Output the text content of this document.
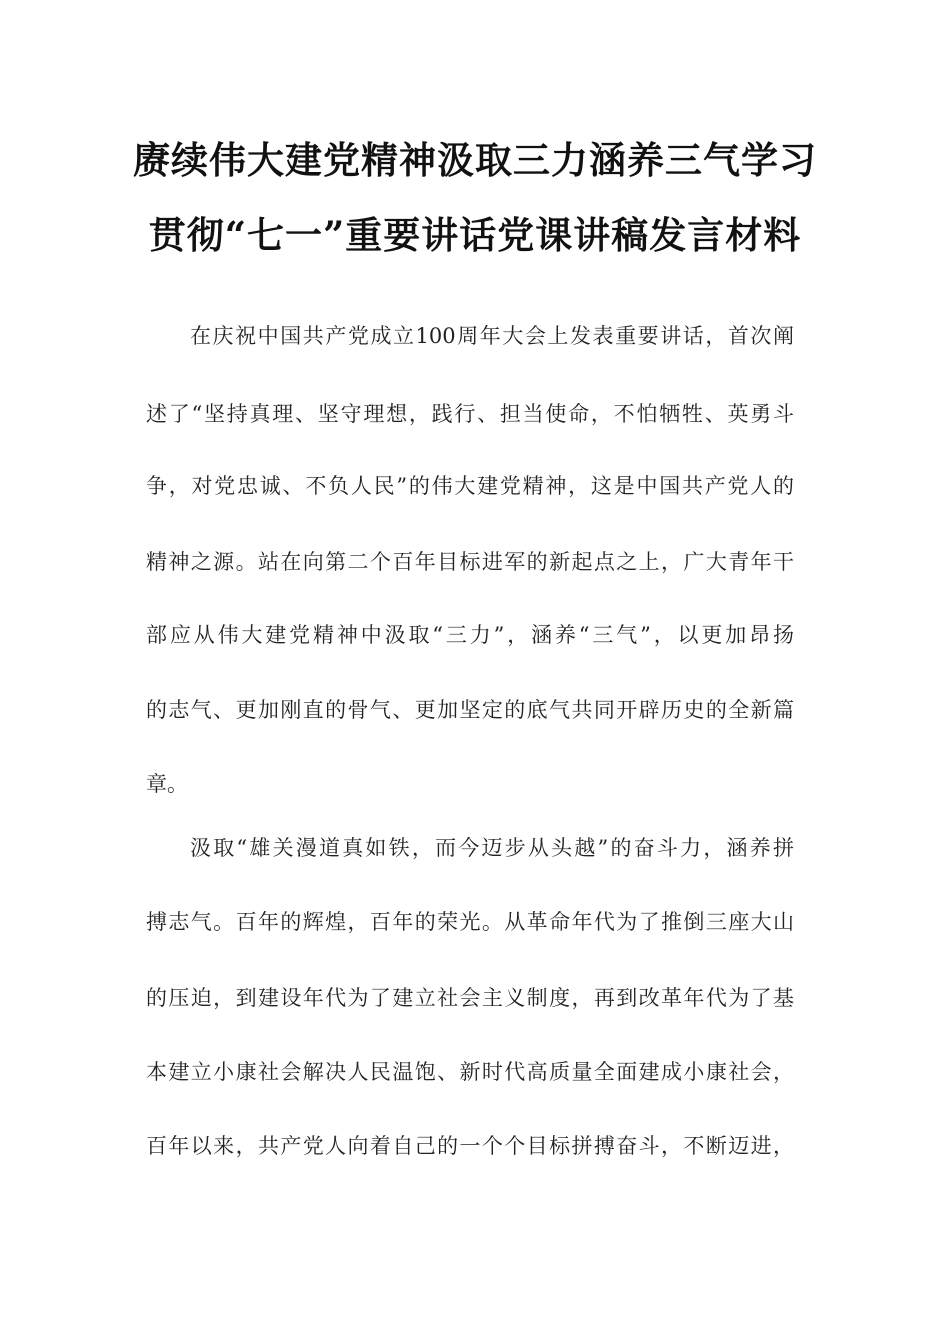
赓续伟大建党精神汲取三力涵养三气学习
贯彻“七一”重要讲话党课讲稿发言材料
在庆祝中国共产党成立100周年大会上发表重要讲话，首次阐
述了“坚持真理、坚守理想，践行、担当使命，不怕牺牲、英勇斗
争，对党忠诚、不负人民”的伟大建党精神，这是中国共产党人的
精神之源。站在向第二个百年目标进军的新起点之上，广大青年干
部应从伟大建党精神中汲取“三力”，涵养“三气”，以更加昂扬
的志气、更加刚直的骨气、更加坚定的底气共同开辟历史的全新篇
章。
汲取“雄关漫道真如铁，而今迈步从头越”的奋斗力，涵养拼
搏志气。百年的辉煌，百年的荣光。从革命年代为了推倒三座大山
的压迫，到建设年代为了建立社会主义制度，再到改革年代为了基
本建立小康社会解决人民温饱、新时代高质量全面建成小康社会，
百年以来，共产党人向着自己的一个个目标拼搏奋斗，不断迈进，
